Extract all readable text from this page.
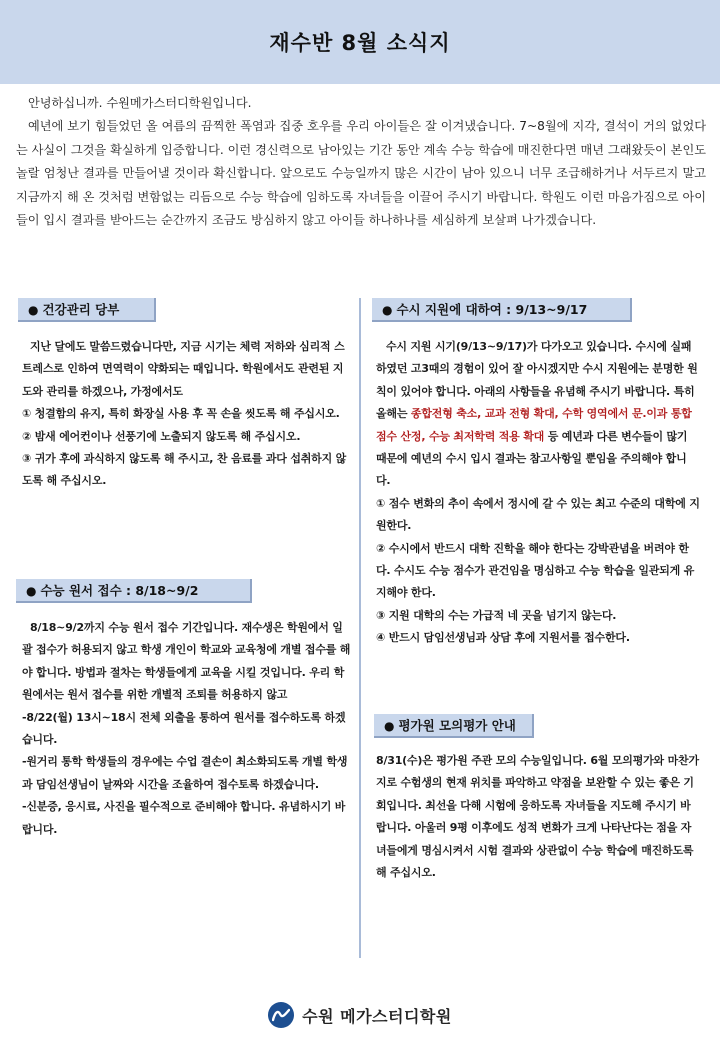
재수반 8월 소식지

안녕하십니까. 수원메가스터디학원입니다.

예년에 보기 힘들었던 올 여름의 끔찍한 폭염과 집중 호우를 우리 아이들은 잘 이겨냈습니다. 7~8월에 지각, 결석이 거의 없었다는 사실이 그것을 확실하게 입증합니다. 이런 경신력으로 남아있는 기간 동안 계속 수능 학습에 매진한다면 매년 그래왔듯이 본인도 놀랄 엄청난 결과를 만들어낼 것이라 확신합니다. 앞으로도 수능일까지 많은 시간이 남아 있으니 너무 조급해하거나 서두르지 말고 지금까지 해 온 것처럼 변함없는 리듬으로 수능 학습에 임하도록 자녀들을 이끌어 주시기 바랍니다. 학원도 이런 마음가짐으로 아이들이 입시 결과를 받아드는 순간까지 조금도 방심하지 않고 아이들 하나하나를 세심하게 보살펴 나가겠습니다.

● 건강관리 당부

지난 달에도 말씀드렸습니다만, 지금 시기는 체력 저하와 심리적 스트레스로 인하여 면역력이 약화되는 때입니다. 학원에서도 관련된 지도와 관리를 하겠으나, 가정에서도

① 청결함의 유지, 특히 화장실 사용 후 꼭 손을 씻도록 해 주십시오.

② 밤새 에어컨이나 선풍기에 노출되지 않도록 해 주십시오.

③ 귀가 후에 과식하지 않도록 해 주시고, 찬 음료를 과다 섭취하지 않도록 해 주십시오.

● 수능 원서 접수 : 8/18~9/2

8/18~9/2까지 수능 원서 접수 기간입니다. 재수생은 학원에서 일괄 접수가 허용되지 않고 학생 개인이 학교와 교육청에 개별 접수를 해야 합니다. 방법과 절차는 학생들에게 교육을 시킬 것입니다. 우리 학원에서는 원서 접수를 위한 개별적 조퇴를 허용하지 않고

-8/22(월) 13시~18시 전체 외출을 통하여 원서를 접수하도록 하겠습니다.

-원거리 통학 학생들의 경우에는 수업 결손이 최소화되도록 개별 학생과 담임선생님이 날짜와 시간을 조율하여 접수토록 하겠습니다.

-신분증, 응시료, 사진을 필수적으로 준비해야 합니다. 유념하시기 바랍니다.

● 수시 지원에 대하여 : 9/13~9/17

수시 지원 시기(9/13~9/17)가 다가오고 있습니다. 수시에 실패하였던 고3때의 경험이 있어 잘 아시겠지만 수시 지원에는 분명한 원칙이 있어야 합니다. 아래의 사항들을 유념해 주시기 바랍니다. 특히 올해는 종합전형 축소, 교과 전형 확대, 수학 영역에서 문.이과 통합 점수 산정, 수능 최저학력 적용 확대 등 예년과 다른 변수들이 많기 때문에 예년의 수시 입시 결과는 참고사항일 뿐임을 주의해야 합니다.

① 점수 변화의 추이 속에서 정시에 갈 수 있는 최고 수준의 대학에 지원한다.

② 수시에서 반드시 대학 진학을 해야 한다는 강박관념을 버려야 한다. 수시도 수능 점수가 관건임을 명심하고 수능 학습을 일관되게 유지해야 한다.

③ 지원 대학의 수는 가급적 네 곳을 넘기지 않는다.

④ 반드시 담임선생님과 상담 후에 지원서를 접수한다.

● 평가원 모의평가 안내

8/31(수)은 평가원 주관 모의 수능일입니다. 6월 모의평가와 마찬가지로 수험생의 현재 위치를 파악하고 약점을 보완할 수 있는 좋은 기회입니다. 최선을 다해 시험에 응하도록 자녀들을 지도해 주시기 바랍니다. 아울러 9평 이후에도 성적 변화가 크게 나타난다는 점을 자녀들에게 명심시켜서 시험 결과와 상관없이 수능 학습에 매진하도록 해 주십시오.

수원 메가스터디학원
